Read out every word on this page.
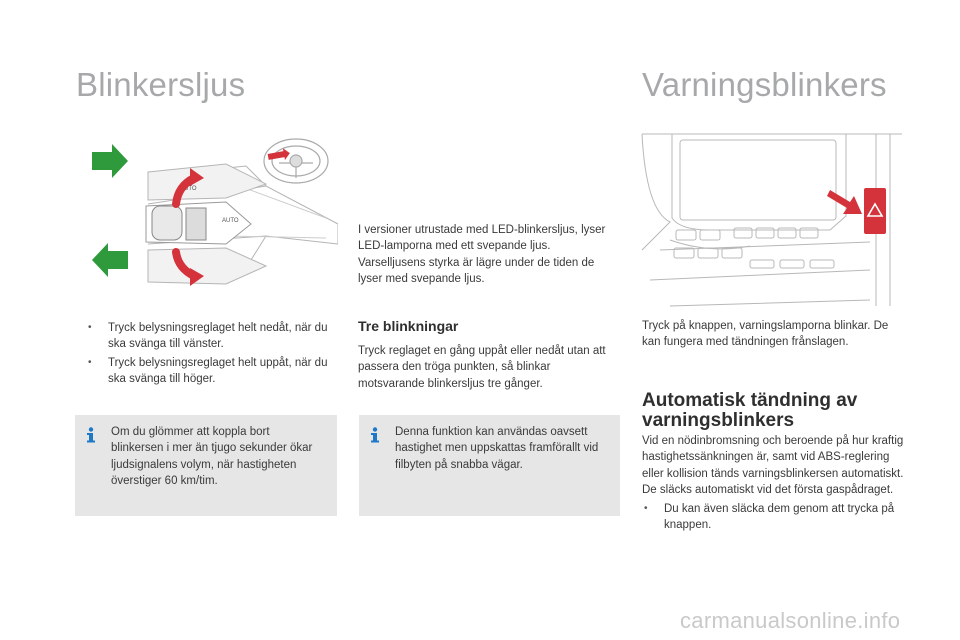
Blinkersljus
AUTO
AUTO
• Tryck belysningsreglaget helt nedåt, när du ska svänga till vänster.
• Tryck belysningsreglaget helt uppåt, när du ska svänga till höger.
Om du glömmer att koppla bort blinkersen i mer än tjugo sekunder ökar ljudsignalens volym, när hastigheten överstiger 60 km/tim.
I versioner utrustade med LED-blinkersljus, lyser LED-lamporna med ett svepande ljus. Varselljusens styrka är lägre under de tiden de lyser med svepande ljus.
Tre blinkningar
Tryck reglaget en gång uppåt eller nedåt utan att passera den tröga punkten, så blinkar motsvarande blinkersljus tre gånger.
Denna funktion kan användas oavsett hastighet men uppskattas framförallt vid filbyten på snabba vägar.
Varningsblinkers
Tryck på knappen, varningslamporna blinkar. De kan fungera med tändningen frånslagen.
Automatisk tändning av varningsblinkers
Vid en nödinbromsning och beroende på hur kraftig hastighetssänkningen är, samt vid ABS-reglering eller kollision tänds varningsblinkersen automatiskt. De släcks automatiskt vid det första gaspådraget.
• Du kan även släcka dem genom att trycka på knappen.
carmanualsonline.info
